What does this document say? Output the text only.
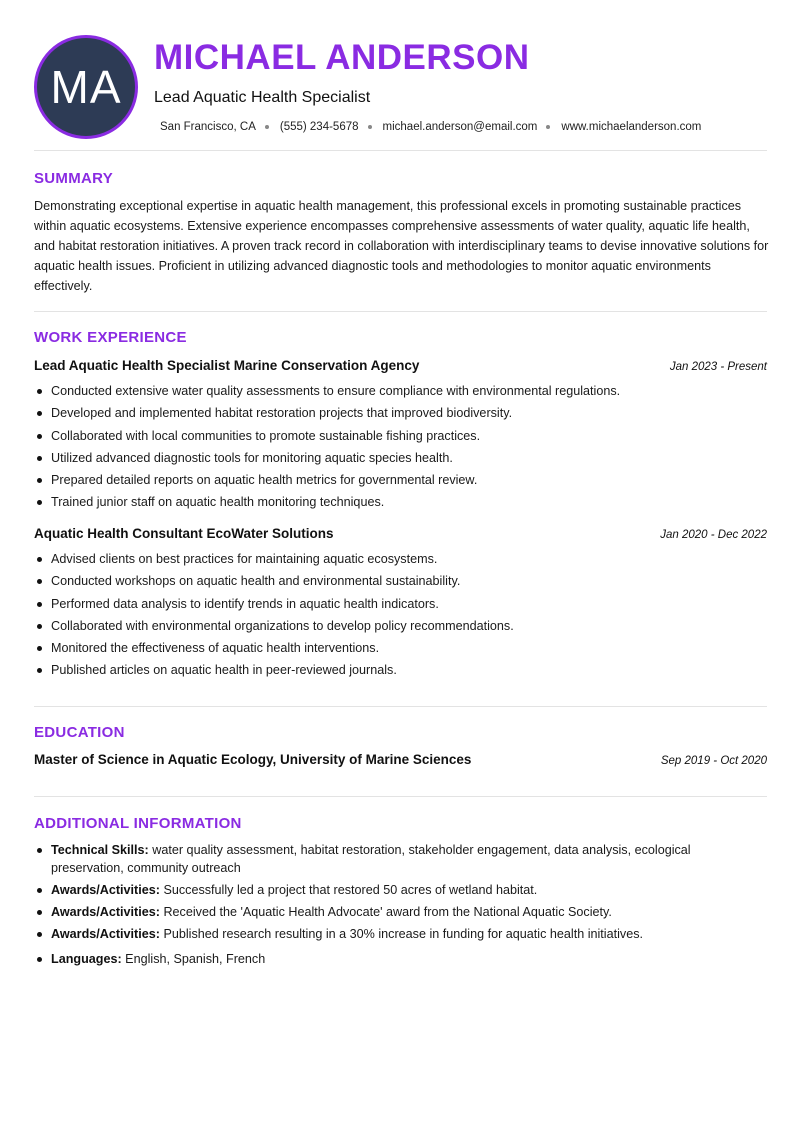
MA
MICHAEL ANDERSON
Lead Aquatic Health Specialist
San Francisco, CA (555) 234-5678 michael.anderson@email.com www.michaelanderson.com
SUMMARY

Demonstrating exceptional expertise in aquatic health management, this professional excels in promoting sustainable practices within aquatic ecosystems. Extensive experience encompasses comprehensive assessments of water quality, aquatic life health, and habitat restoration initiatives. A proven track record in collaboration with interdisciplinary teams to devise innovative solutions for aquatic health issues. Proficient in utilizing advanced diagnostic tools and methodologies to monitor aquatic environments effectively.

WORK EXPERIENCE
Lead Aquatic Health Specialist Marine Conservation Agency	Jan 2023 - Present
Conducted extensive water quality assessments to ensure compliance with environmental regulations.
Developed and implemented habitat restoration projects that improved biodiversity.
Collaborated with local communities to promote sustainable fishing practices.
Utilized advanced diagnostic tools for monitoring aquatic species health.
Prepared detailed reports on aquatic health metrics for governmental review.
Trained junior staff on aquatic health monitoring techniques.
Aquatic Health Consultant EcoWater Solutions	Jan 2020 - Dec 2022
Advised clients on best practices for maintaining aquatic ecosystems.
Conducted workshops on aquatic health and environmental sustainability.
Performed data analysis to identify trends in aquatic health indicators.
Collaborated with environmental organizations to develop policy recommendations.
Monitored the effectiveness of aquatic health interventions.
Published articles on aquatic health in peer-reviewed journals.
EDUCATION
Master of Science in Aquatic Ecology, University of Marine Sciences	Sep 2019 - Oct 2020
ADDITIONAL INFORMATION
Technical Skills: water quality assessment, habitat restoration, stakeholder engagement, data analysis, ecological preservation, community outreach
Awards/Activities: Successfully led a project that restored 50 acres of wetland habitat.
Awards/Activities: Received the 'Aquatic Health Advocate' award from the National Aquatic Society.
Awards/Activities: Published research resulting in a 30% increase in funding for aquatic health initiatives.
Languages: English, Spanish, French
